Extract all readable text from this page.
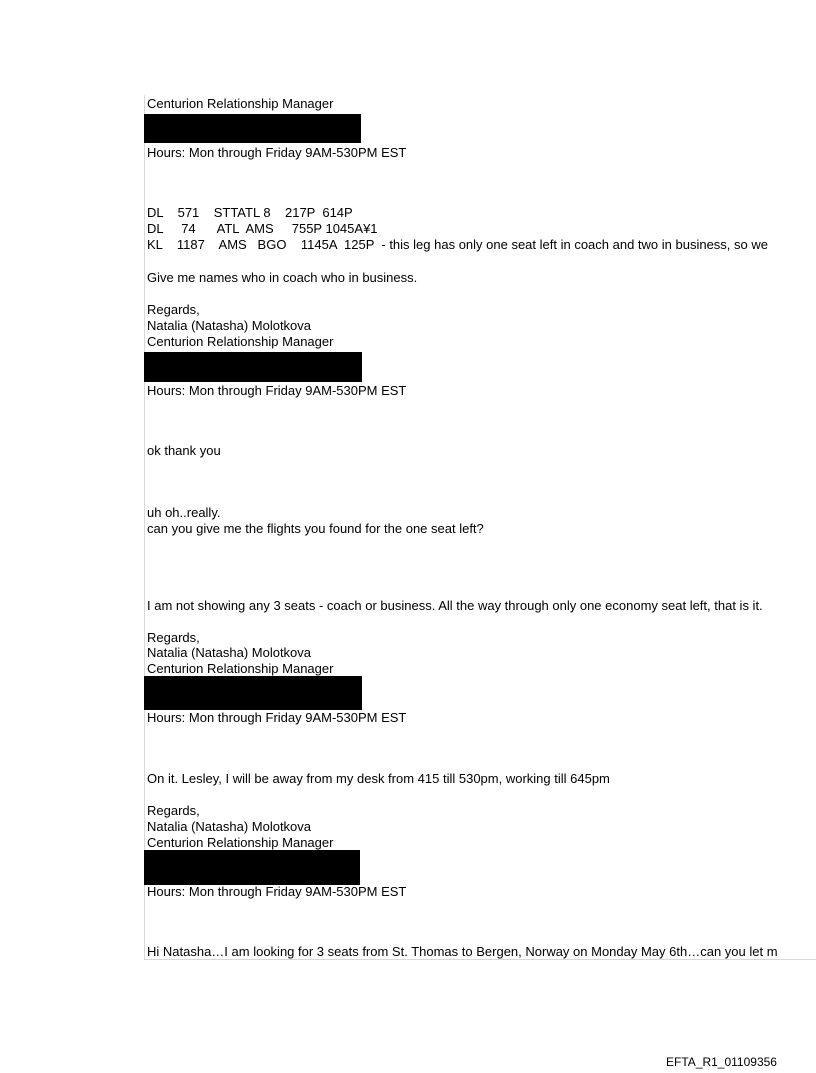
Centurion Relationship Manager
Hours: Mon through Friday 9AM-530PM EST
DL    571    STTATL 8    217P  614P
DL     74      ATL  AMS     755P 1045A¥1
KL    1187    AMS   BGO    1145A  125P  - this leg has only one seat left in coach and two in business, so we
Give me names who in coach who in business.
Regards,
Natalia (Natasha) Molotkova
Centurion Relationship Manager
Hours: Mon through Friday 9AM-530PM EST
ok thank you
uh oh..really.
can you give me the flights you found for the one seat left?
I am not showing any 3 seats - coach or business. All the way through only one economy seat left, that is it.
Regards,
Natalia (Natasha) Molotkova
Centurion Relationship Manager
Hours: Mon through Friday 9AM-530PM EST
On it. Lesley, I will be away from my desk from 415 till 530pm, working till 645pm
Regards,
Natalia (Natasha) Molotkova
Centurion Relationship Manager
Hours: Mon through Friday 9AM-530PM EST
Hi Natasha…I am looking for 3 seats from St. Thomas to Bergen, Norway on Monday May 6th…can you let m
EFTA_R1_01109356
